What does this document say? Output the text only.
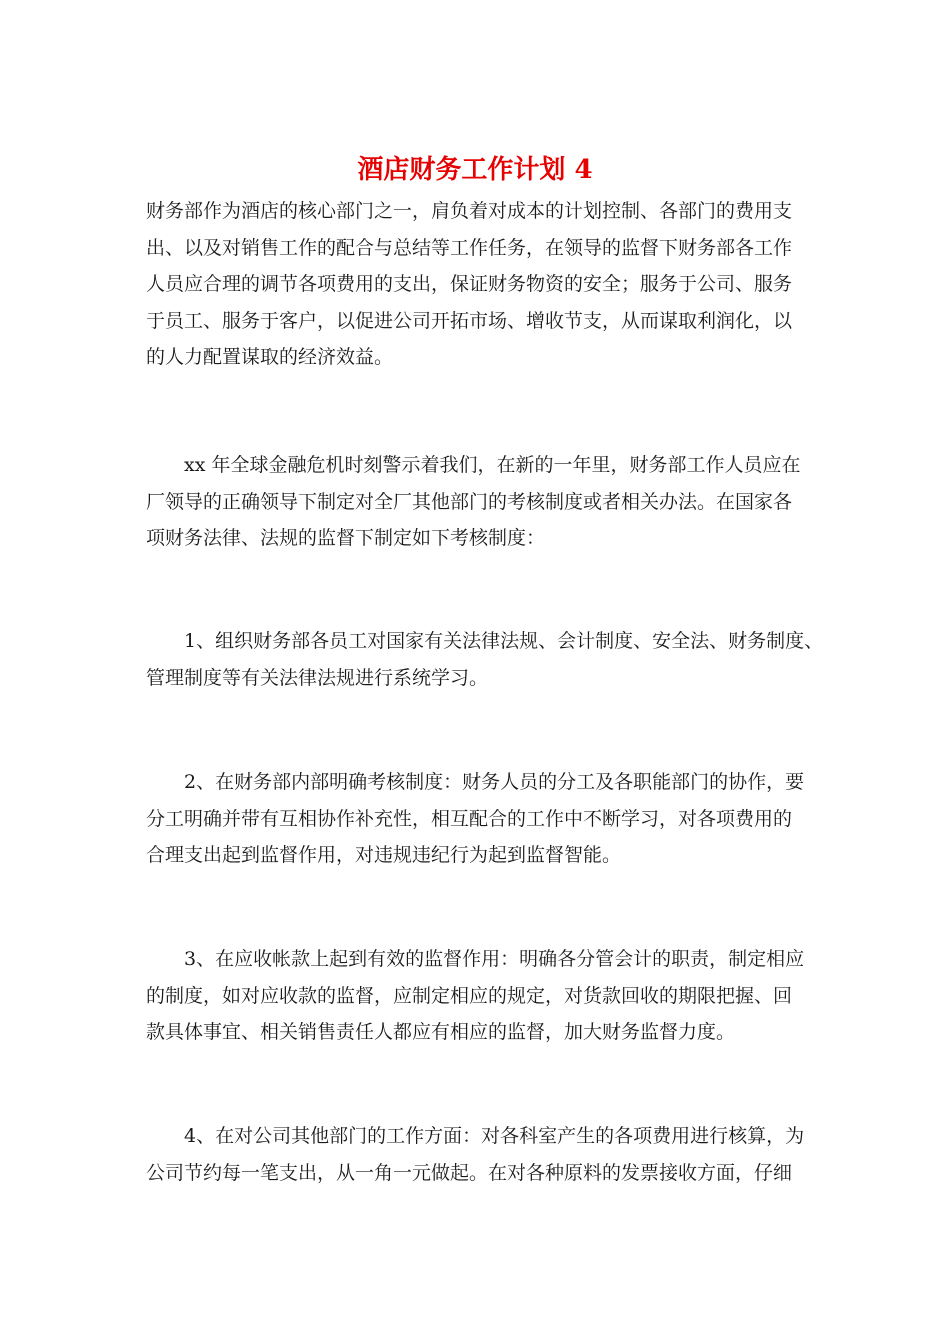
酒店财务工作计划 4
财务部作为酒店的核心部门之一，肩负着对成本的计划控制、各部门的费用支
出、以及对销售工作的配合与总结等工作任务，在领导的监督下财务部各工作
人员应合理的调节各项费用的支出，保证财务物资的安全；服务于公司、服务
于员工、服务于客户，以促进公司开拓市场、增收节支，从而谋取利润化，以
的人力配置谋取的经济效益。
xx 年全球金融危机时刻警示着我们，在新的一年里，财务部工作人员应在
厂领导的正确领导下制定对全厂其他部门的考核制度或者相关办法。在国家各
项财务法律、法规的监督下制定如下考核制度：
1、组织财务部各员工对国家有关法律法规、会计制度、安全法、财务制度、
管理制度等有关法律法规进行系统学习。
2、在财务部内部明确考核制度：财务人员的分工及各职能部门的协作，要
分工明确并带有互相协作补充性，相互配合的工作中不断学习，对各项费用的
合理支出起到监督作用，对违规违纪行为起到监督智能。
3、在应收帐款上起到有效的监督作用：明确各分管会计的职责，制定相应
的制度，如对应收款的监督，应制定相应的规定，对货款回收的期限把握、回
款具体事宜、相关销售责任人都应有相应的监督，加大财务监督力度。
4、在对公司其他部门的工作方面：对各科室产生的各项费用进行核算，为
公司节约每一笔支出，从一角一元做起。在对各种原料的发票接收方面，仔细
